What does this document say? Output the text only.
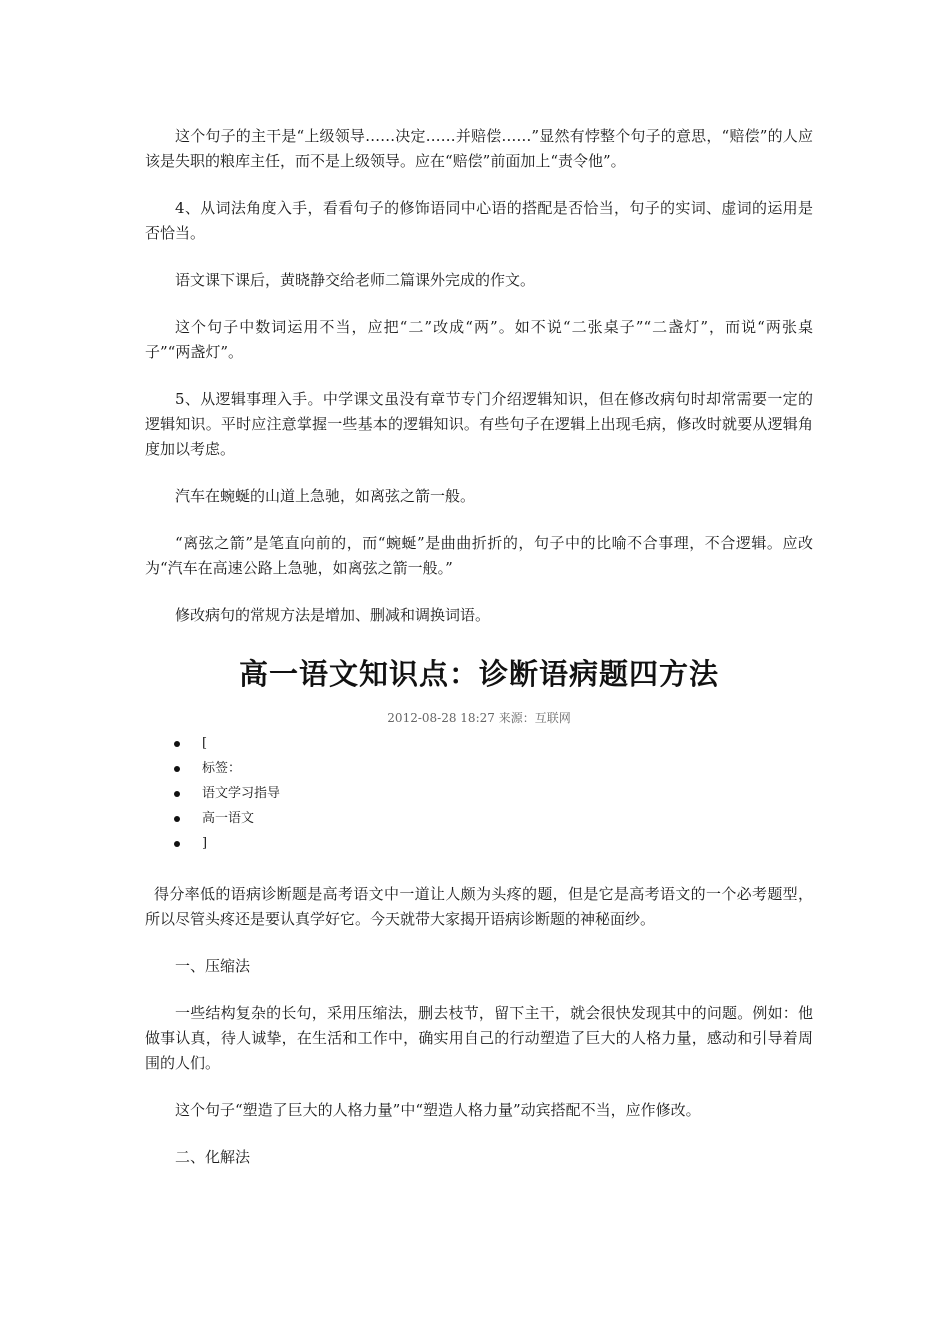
这个句子的主干是“上级领导……决定……并赔偿……”显然有悖整个句子的意思，“赔偿”的人应该是失职的粮库主任，而不是上级领导。应在“赔偿”前面加上“责令他”。

4、从词法角度入手，看看句子的修饰语同中心语的搭配是否恰当，句子的实词、虚词的运用是否恰当。

语文课下课后，黄晓静交给老师二篇课外完成的作文。

这个句子中数词运用不当，应把“二”改成“两”。如不说“二张桌子”“二盏灯”，而说“两张桌子”“两盏灯”。

5、从逻辑事理入手。中学课文虽没有章节专门介绍逻辑知识，但在修改病句时却常需要一定的逻辑知识。平时应注意掌握一些基本的逻辑知识。有些句子在逻辑上出现毛病，修改时就要从逻辑角度加以考虑。

汽车在蜿蜒的山道上急驰，如离弦之箭一般。

“离弦之箭”是笔直向前的，而“蜿蜒”是曲曲折折的，句子中的比喻不合事理，不合逻辑。应改为“汽车在高速公路上急驰，如离弦之箭一般。”

修改病句的常规方法是增加、删减和调换词语。

高一语文知识点：诊断语病题四方法
2012-08-28 18:27 来源：互联网
[
标签：
语文学习指导
高一语文
]

得分率低的语病诊断题是高考语文中一道让人颇为头疼的题，但是它是高考语文的一个必考题型，所以尽管头疼还是要认真学好它。今天就带大家揭开语病诊断题的神秘面纱。

一、压缩法

一些结构复杂的长句，采用压缩法，删去枝节，留下主干，就会很快发现其中的问题。例如：他做事认真，待人诚挚，在生活和工作中，确实用自己的行动塑造了巨大的人格力量，感动和引导着周围的人们。

这个句子“塑造了巨大的人格力量”中“塑造人格力量”动宾搭配不当，应作修改。

二、化解法
